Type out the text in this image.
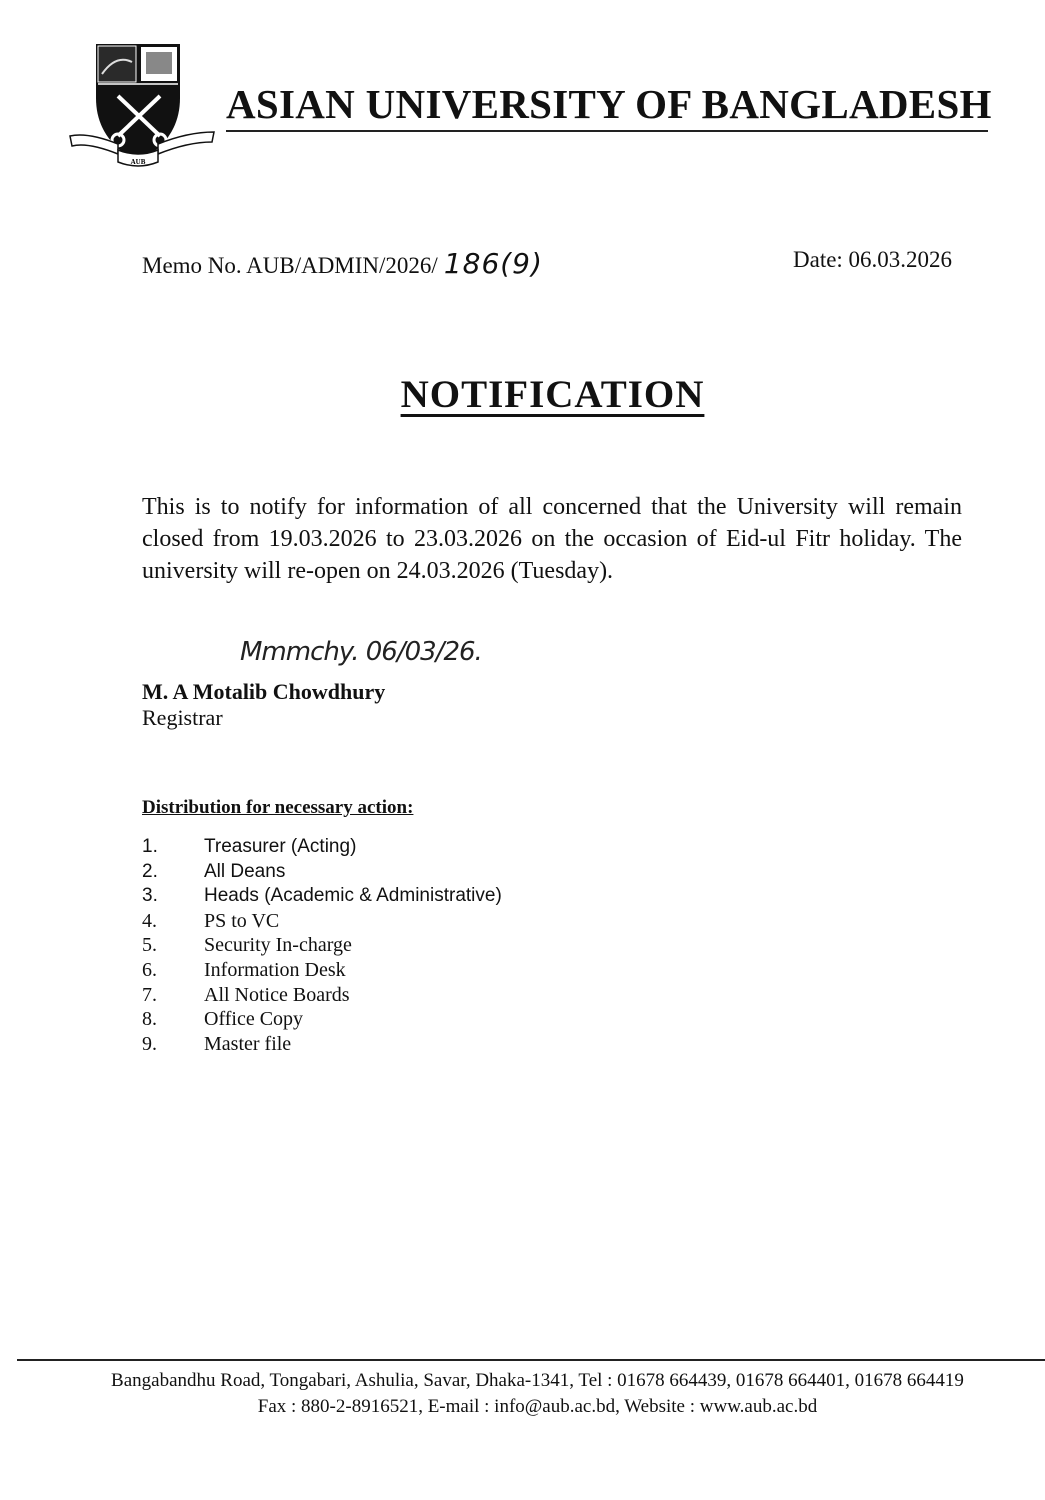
AUB
ASIAN UNIVERSITY OF BANGLADESH
Memo No. AUB/ADMIN/2026/ 186(9)	Date: 06.03.2026
NOTIFICATION
This is to notify for information of all concerned that the University will remain closed from 19.03.2026 to 23.03.2026 on the occasion of Eid-ul Fitr holiday. The university will re-open on 24.03.2026 (Tuesday).
Mmmchy. 06/03/26.
M. A Motalib Chowdhury
Registrar
Distribution for necessary action:
1.	Treasurer (Acting)
2.	All Deans
3.	Heads (Academic & Administrative)
4.	PS to VC
5.	Security In-charge
6.	Information Desk
7.	All Notice Boards
8.	Office Copy
9.	Master file
Bangabandhu Road, Tongabari, Ashulia, Savar, Dhaka-1341, Tel : 01678 664439, 01678 664401, 01678 664419
Fax : 880-2-8916521, E-mail : info@aub.ac.bd, Website : www.aub.ac.bd
